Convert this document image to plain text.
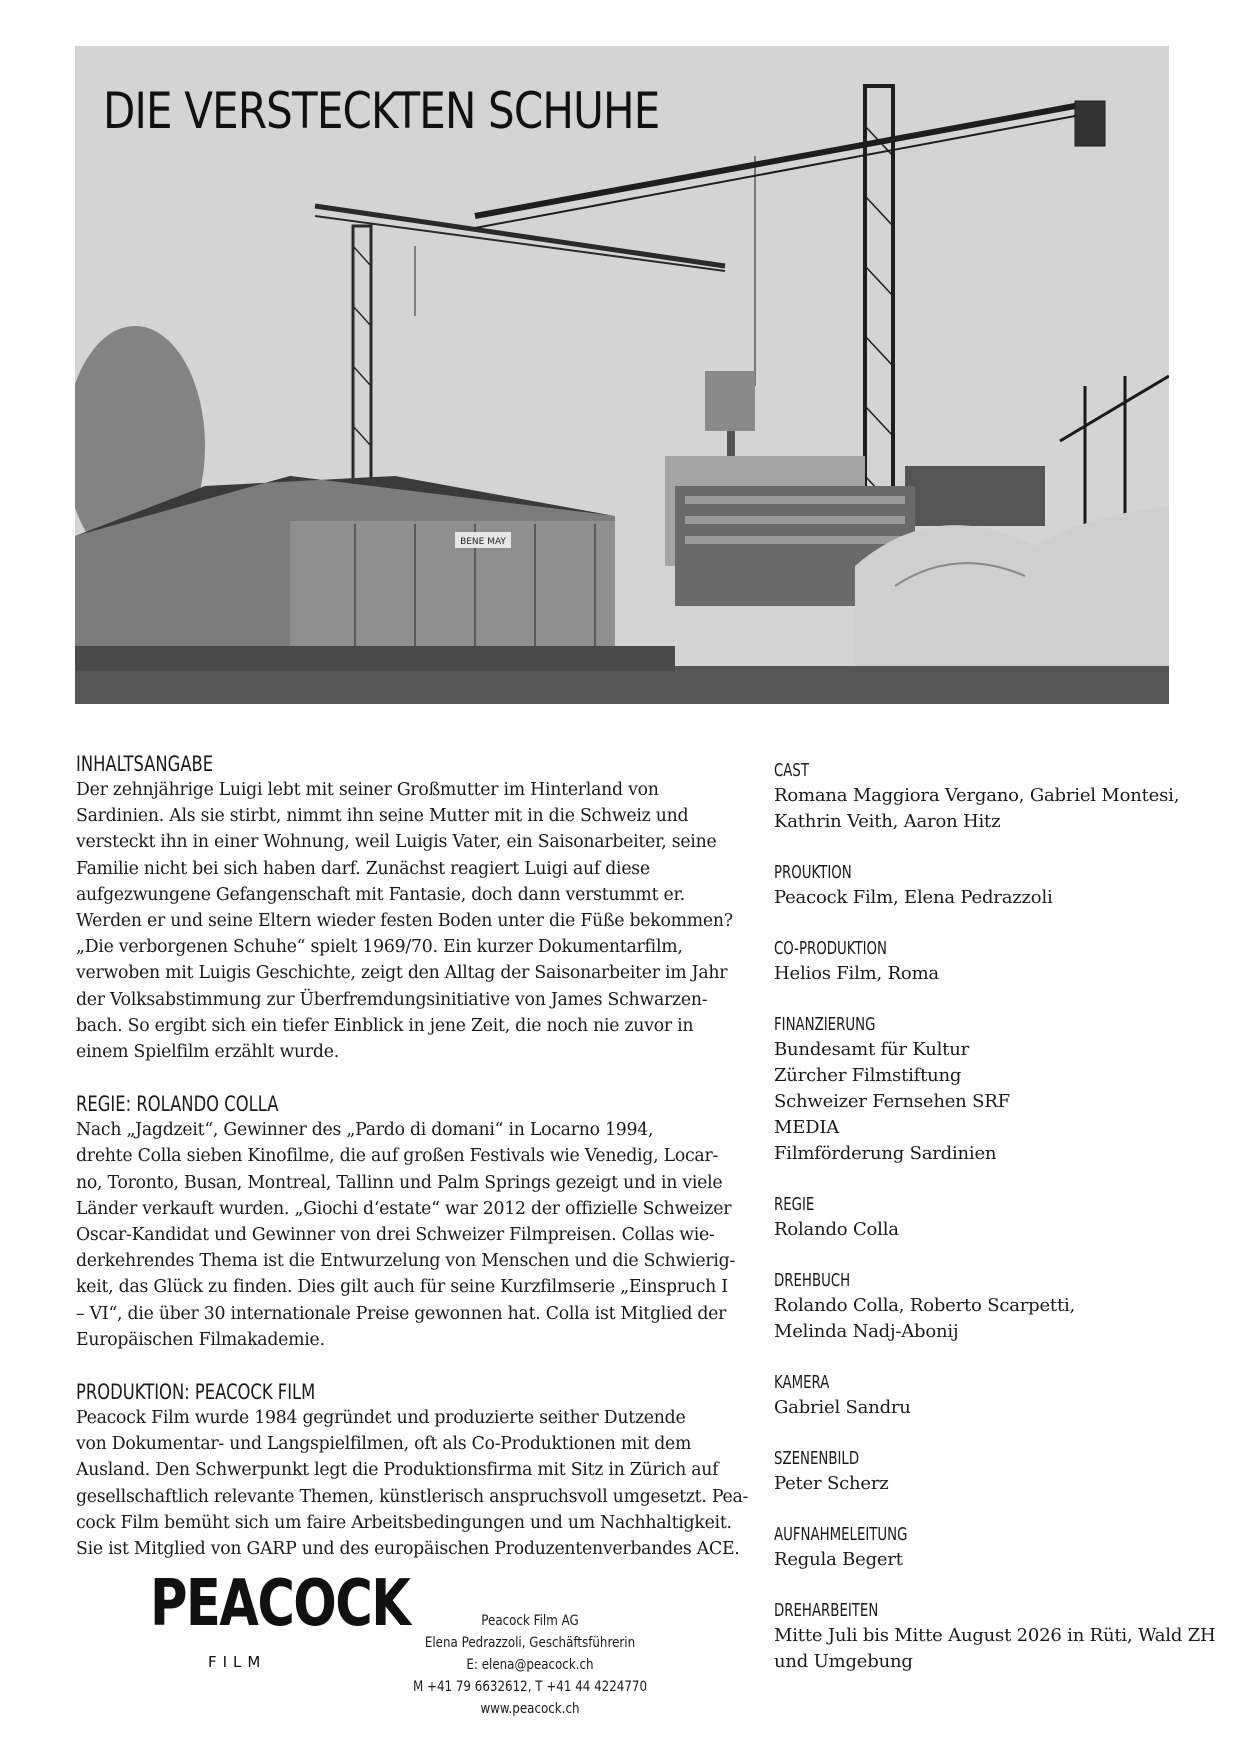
BENE MAY
DIE VERSTECKTEN SCHUHE

INHALTSANGABE

Der zehnjährige Luigi lebt mit seiner Großmutter im Hinterland von
Sardinien. Als sie stirbt, nimmt ihn seine Mutter mit in die Schweiz und
versteckt ihn in einer Wohnung, weil Luigis Vater, ein Saisonarbeiter, seine
Familie nicht bei sich haben darf. Zunächst reagiert Luigi auf diese
aufgezwungene Gefangenschaft mit Fantasie, doch dann verstummt er.
Werden er und seine Eltern wieder festen Boden unter die Füße bekommen?
„Die verborgenen Schuhe“ spielt 1969/70. Ein kurzer Dokumentarfilm,
verwoben mit Luigis Geschichte, zeigt den Alltag der Saisonarbeiter im Jahr
der Volksabstimmung zur Überfremdungsinitiative von James Schwarzen-
bach. So ergibt sich ein tiefer Einblick in jene Zeit, die noch nie zuvor in
einem Spielfilm erzählt wurde.

REGIE: ROLANDO COLLA

Nach „Jagdzeit“, Gewinner des „Pardo di domani“ in Locarno 1994,
drehte Colla sieben Kinofilme, die auf großen Festivals wie Venedig, Locar-
no, Toronto, Busan, Montreal, Tallinn und Palm Springs gezeigt und in viele
Länder verkauft wurden. „Giochi d‘estate“ war 2012 der offizielle Schweizer
Oscar-Kandidat und Gewinner von drei Schweizer Filmpreisen. Collas wie-
derkehrendes Thema ist die Entwurzelung von Menschen und die Schwierig-
keit, das Glück zu finden. Dies gilt auch für seine Kurzfilmserie „Einspruch I
– VI“, die über 30 internationale Preise gewonnen hat. Colla ist Mitglied der
Europäischen Filmakademie.

PRODUKTION: PEACOCK FILM

Peacock Film wurde 1984 gegründet und produzierte seither Dutzende
von Dokumentar- und Langspielfilmen, oft als Co-Produktionen mit dem
Ausland. Den Schwerpunkt legt die Produktionsfirma mit Sitz in Zürich auf
gesellschaftlich relevante Themen, künstlerisch anspruchsvoll umgesetzt. Pea-
cock Film bemüht sich um faire Arbeitsbedingungen und um Nachhaltigkeit.
Sie ist Mitglied von GARP und des europäischen Produzentenverbandes ACE.

CAST

Romana Maggiora Vergano, Gabriel Montesi,
Kathrin Veith, Aaron Hitz

PROUKTION

Peacock Film, Elena Pedrazzoli

CO-PRODUKTION

Helios Film, Roma

FINANZIERUNG

Bundesamt für Kultur
Zürcher Filmstiftung
Schweizer Fernsehen SRF
MEDIA
Filmförderung Sardinien

REGIE

Rolando Colla

DREHBUCH

Rolando Colla, Roberto Scarpetti,
Melinda Nadj-Abonij

KAMERA

Gabriel Sandru

SZENENBILD

Peter Scherz

AUFNAHMELEITUNG

Regula Begert

DREHARBEITEN

Mitte Juli bis Mitte August 2026 in Rüti, Wald ZH
und Umgebung
PEACOCK
FILM
Peacock Film AG
Elena Pedrazzoli, Geschäftsführerin
E: elena@peacock.ch
M +41 79 6632612, T +41 44 4224770
www.peacock.ch
